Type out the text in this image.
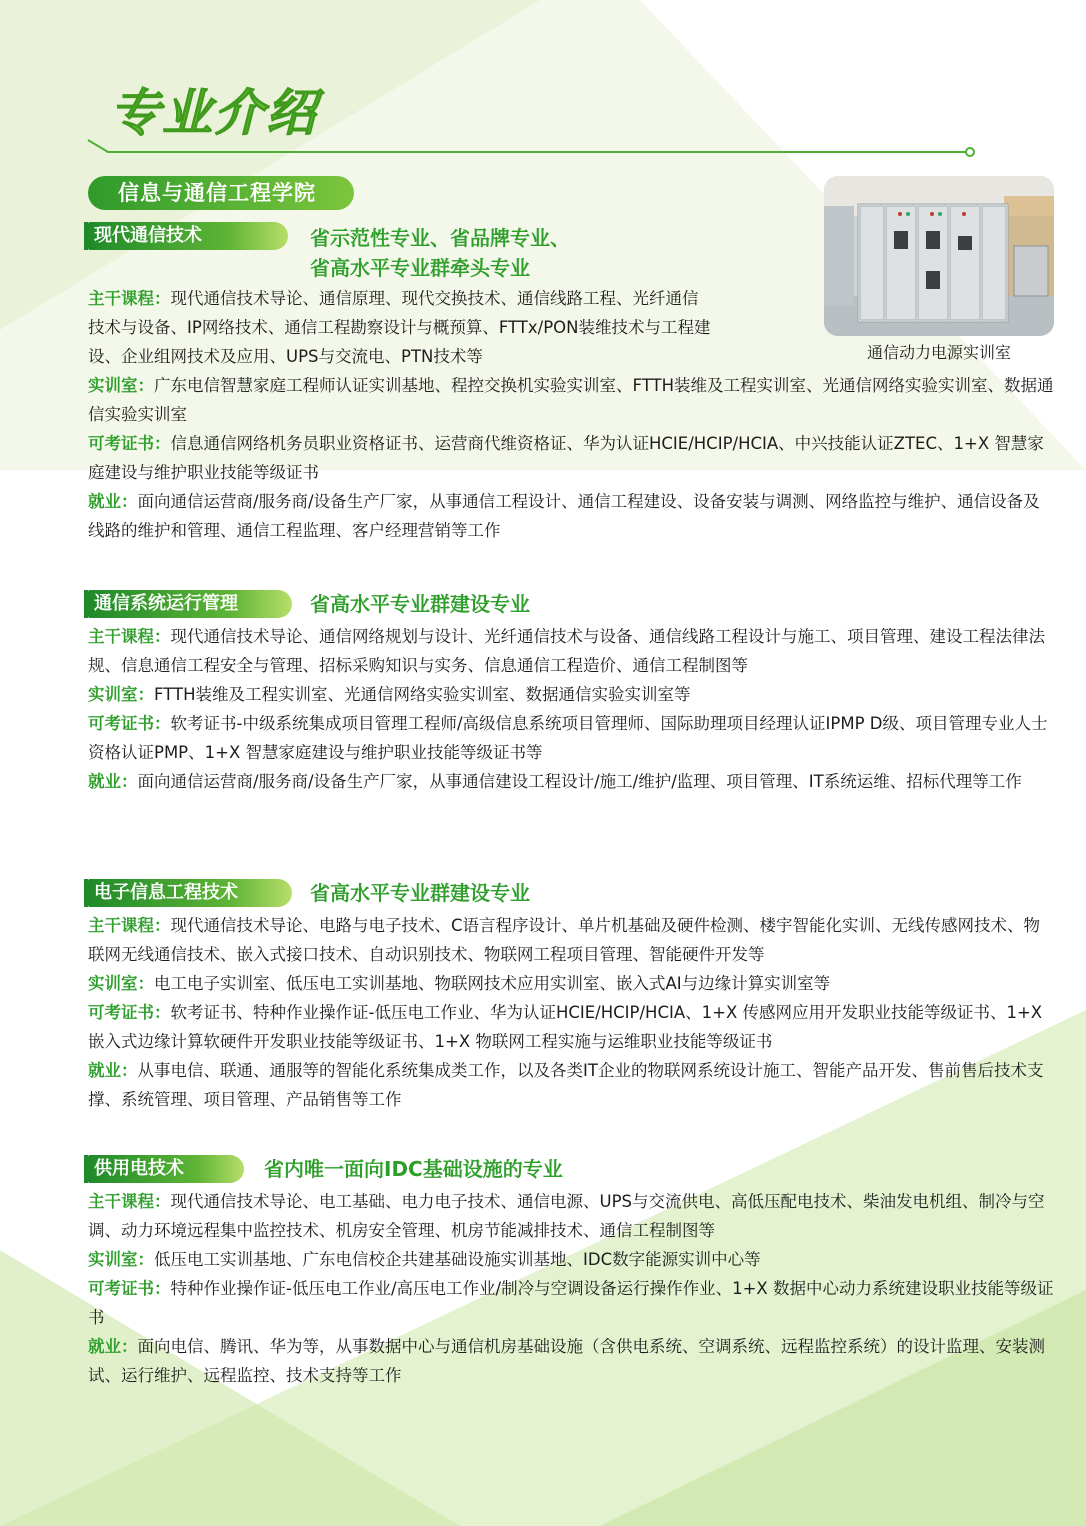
专业介绍
信息与通信工程学院
通信动力电源实训室
现代通信技术	省示范性专业、省品牌专业、
省高水平专业群牵头专业

主干课程：现代通信技术导论、通信原理、现代交换技术、通信线路工程、光纤通信

技术与设备、IP网络技术、通信工程勘察设计与概预算、FTTx/PON装维技术与工程建

设、企业组网技术及应用、UPS与交流电、PTN技术等

实训室：广东电信智慧家庭工程师认证实训基地、程控交换机实验实训室、FTTH装维及工程实训室、光通信网络实验实训室、数据通信实验实训室

可考证书：信息通信网络机务员职业资格证书、运营商代维资格证、华为认证HCIE/HCIP/HCIA、中兴技能认证ZTEC、1+X 智慧家庭建设与维护职业技能等级证书

就业：面向通信运营商/服务商/设备生产厂家，从事通信工程设计、通信工程建设、设备安装与调测、网络监控与维护、通信设备及线路的维护和管理、通信工程监理、客户经理营销等工作

通信系统运行管理	省高水平专业群建设专业

主干课程：现代通信技术导论、通信网络规划与设计、光纤通信技术与设备、通信线路工程设计与施工、项目管理、建设工程法律法规、信息通信工程安全与管理、招标采购知识与实务、信息通信工程造价、通信工程制图等

实训室：FTTH装维及工程实训室、光通信网络实验实训室、数据通信实验实训室等

可考证书：软考证书-中级系统集成项目管理工程师/高级信息系统项目管理师、国际助理项目经理认证IPMP D级、项目管理专业人士资格认证PMP、1+X 智慧家庭建设与维护职业技能等级证书等

就业：面向通信运营商/服务商/设备生产厂家，从事通信建设工程设计/施工/维护/监理、项目管理、IT系统运维、招标代理等工作

电子信息工程技术	省高水平专业群建设专业

主干课程：现代通信技术导论、电路与电子技术、C语言程序设计、单片机基础及硬件检测、楼宇智能化实训、无线传感网技术、物联网无线通信技术、嵌入式接口技术、自动识别技术、物联网工程项目管理、智能硬件开发等

实训室：电工电子实训室、低压电工实训基地、物联网技术应用实训室、嵌入式AI与边缘计算实训室等

可考证书：软考证书、特种作业操作证-低压电工作业、华为认证HCIE/HCIP/HCIA、1+X 传感网应用开发职业技能等级证书、1+X 嵌入式边缘计算软硬件开发职业技能等级证书、1+X 物联网工程实施与运维职业技能等级证书

就业：从事电信、联通、通服等的智能化系统集成类工作，以及各类IT企业的物联网系统设计施工、智能产品开发、售前售后技术支撑、系统管理、项目管理、产品销售等工作

供用电技术	省内唯一面向IDC基础设施的专业

主干课程：现代通信技术导论、电工基础、电力电子技术、通信电源、UPS与交流供电、高低压配电技术、柴油发电机组、制冷与空调、动力环境远程集中监控技术、机房安全管理、机房节能减排技术、通信工程制图等

实训室：低压电工实训基地、广东电信校企共建基础设施实训基地、IDC数字能源实训中心等

可考证书：特种作业操作证-低压电工作业/高压电工作业/制冷与空调设备运行操作作业、1+X 数据中心动力系统建设职业技能等级证书

就业：面向电信、腾讯、华为等，从事数据中心与通信机房基础设施（含供电系统、空调系统、远程监控系统）的设计监理、安装测试、运行维护、远程监控、技术支持等工作
